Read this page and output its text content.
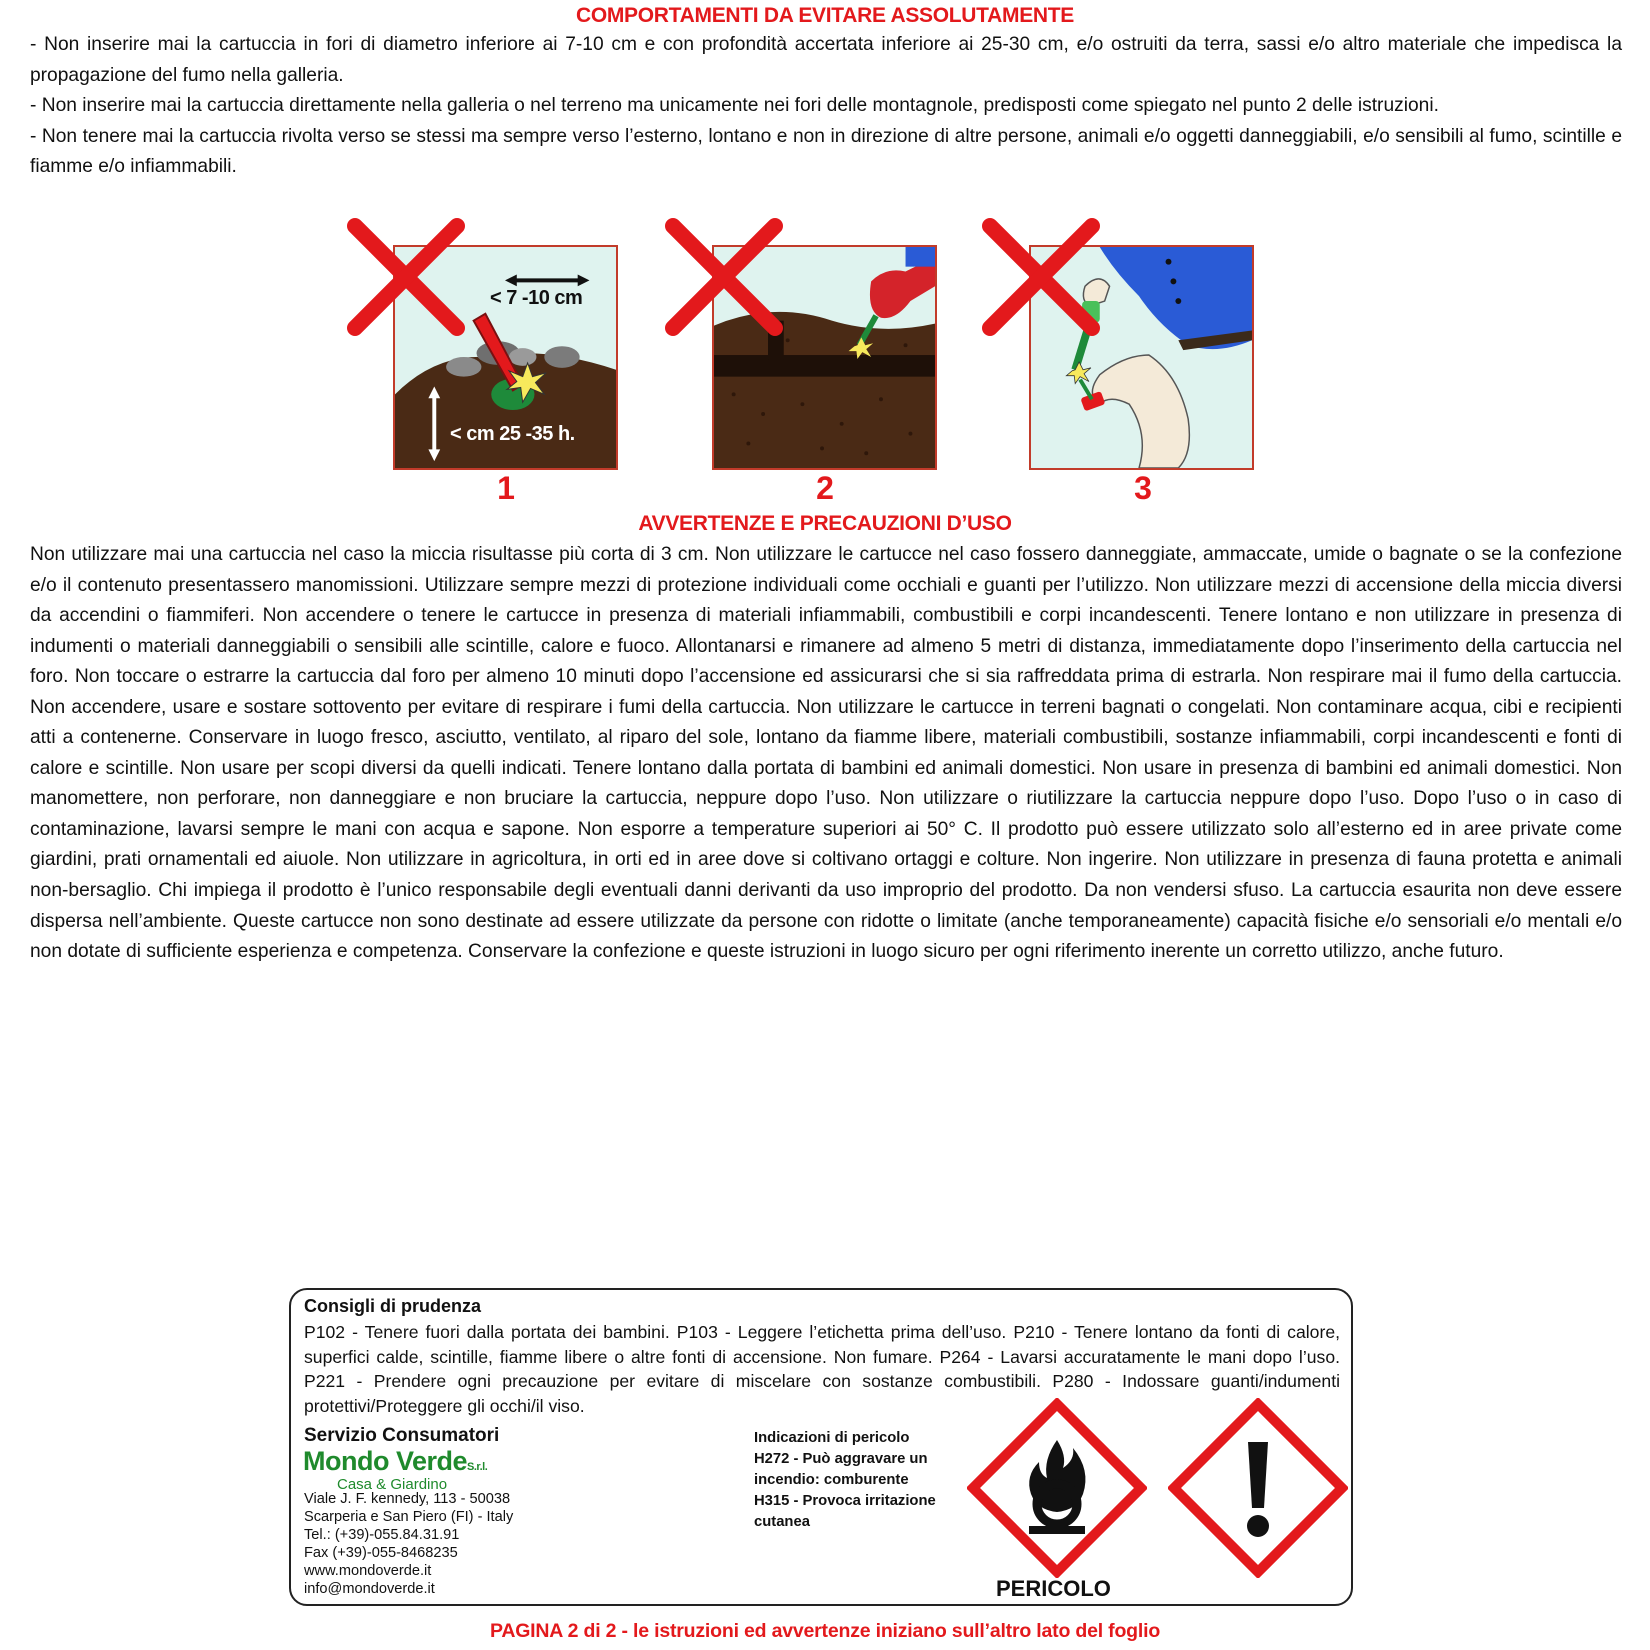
COMPORTAMENTI DA EVITARE ASSOLUTAMENTE

- Non inserire mai la cartuccia in fori di diametro inferiore ai 7-10 cm e con profondità accertata inferiore ai 25-30 cm, e/o ostruiti da terra, sassi e/o altro materiale che impedisca la propagazione del fumo nella galleria.

- Non inserire mai la cartuccia direttamente nella galleria o nel terreno ma unicamente nei fori delle montagnole, predisposti come spiegato nel punto 2 delle istruzioni.

- Non tenere mai la cartuccia rivolta verso se stessi ma sempre verso l’esterno, lontano e non in direzione di altre persone, animali e/o oggetti danneggiabili, e/o sensibili al fumo, scintille e fiamme e/o infiammabili.

< 7 -10 cm
< cm 25 -35 h.
1	2	3
AVVERTENZE E PRECAUZIONI D’USO
Non utilizzare mai una cartuccia nel caso la miccia risultasse più corta di 3 cm. Non utilizzare le cartucce nel caso fossero danneggiate, ammaccate, umide o bagnate o se la confezione e/o il contenuto presentassero manomissioni. Utilizzare sempre mezzi di protezione individuali come occhiali e guanti per l’utilizzo. Non utilizzare mezzi di accensione della miccia diversi da accendini o fiammiferi. Non accendere o tenere le cartucce in presenza di materiali infiammabili, combustibili e corpi incandescenti. Tenere lontano e non utilizzare in presenza di indumenti o materiali danneggiabili o sensibili alle scintille, calore e fuoco. Allontanarsi e rimanere ad almeno 5 metri di distanza, immediatamente dopo l’inserimento della cartuccia nel foro. Non toccare o estrarre la cartuccia dal foro per almeno 10 minuti dopo l’accensione ed assicurarsi che si sia raffreddata prima di estrarla. Non respirare mai il fumo della cartuccia. Non accendere, usare e sostare sottovento per evitare di respirare i fumi della cartuccia. Non utilizzare le cartucce in terreni bagnati o congelati. Non contaminare acqua, cibi e recipienti atti a contenerne. Conservare in luogo fresco, asciutto, ventilato, al riparo del sole, lontano da fiamme libere, materiali combustibili, sostanze infiammabili, corpi incandescenti e fonti di calore e scintille. Non usare per scopi diversi da quelli indicati. Tenere lontano dalla portata di bambini ed animali domestici. Non usare in presenza di bambini ed animali domestici. Non manomettere, non perforare, non danneggiare e non bruciare la cartuccia, neppure dopo l’uso. Non utilizzare o riutilizzare la cartuccia neppure dopo l’uso. Dopo l’uso o in caso di contaminazione, lavarsi sempre le mani con acqua e sapone. Non esporre a temperature superiori ai 50° C. Il prodotto può essere utilizzato solo all’esterno ed in aree private come giardini, prati ornamentali ed aiuole. Non utilizzare in agricoltura, in orti ed in aree dove si coltivano ortaggi e colture. Non ingerire. Non utilizzare in presenza di fauna protetta e animali non-bersaglio. Chi impiega il prodotto è l’unico responsabile degli eventuali danni derivanti da uso improprio del prodotto. Da non vendersi sfuso. La cartuccia esaurita non deve essere dispersa nell’ambiente. Queste cartucce non sono destinate ad essere utilizzate da persone con ridotte o limitate (anche temporaneamente) capacità fisiche e/o sensoriali e/o mentali e/o non dotate di sufficiente esperienza e competenza. Conservare la confezione e queste istruzioni in luogo sicuro per ogni riferimento inerente un corretto utilizzo, anche futuro.
Consigli di prudenza
P102 - Tenere fuori dalla portata dei bambini. P103 - Leggere l’etichetta prima dell’uso. P210 - Tenere lontano da fonti di calore, superfici calde, scintille, fiamme libere o altre fonti di accensione. Non fumare. P264 - Lavarsi accuratamente le mani dopo l’uso. P221 - Prendere ogni precauzione per evitare di miscelare con sostanze combustibili. P280 - Indossare guanti/indumenti protettivi/Proteggere gli occhi/il viso.
Servizio Consumatori
Mondo VerdeS.r.l.
Casa & Giardino
Viale J. F. kennedy, 113 - 50038
Scarperia e San Piero (FI) - Italy
Tel.: (+39)-055.84.31.91
Fax (+39)-055-8468235
www.mondoverde.it
info@mondoverde.it
Indicazioni di pericolo
H272 - Può aggravare un incendio: comburente
H315 - Provoca irritazione cutanea
PERICOLO
PAGINA 2 di 2 - le istruzioni ed avvertenze iniziano sull’altro lato del foglio
